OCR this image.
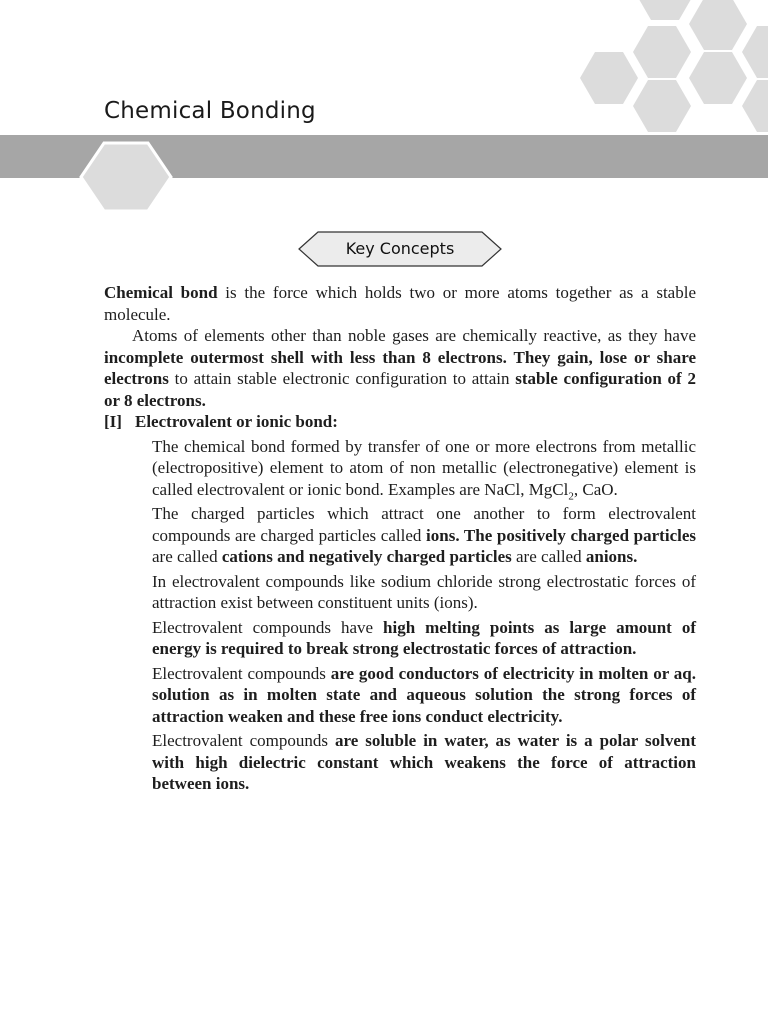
Chemical Bonding
Key Concepts

Chemical bond is the force which holds two or more atoms together as a stable molecule.

Atoms of elements other than noble gases are chemically reactive, as they have incomplete outermost shell with less than 8 electrons. They gain, lose or share electrons to attain stable electronic configuration to attain stable configuration of 2 or 8 electrons.

[I] Electrovalent or ionic bond:

The chemical bond formed by transfer of one or more electrons from metallic (electropositive) element to atom of non metallic (electronegative) element is called electrovalent or ionic bond. Examples are NaCl, MgCl$_2$, CaO.

The charged particles which attract one another to form electrovalent compounds are charged particles called ions. The positively charged particles are called cations and negatively charged particles are called anions.

In electrovalent compounds like sodium chloride strong electrostatic forces of attraction exist between constituent units (ions).

Electrovalent compounds have high melting points as large amount of energy is required to break strong electrostatic forces of attraction.

Electrovalent compounds are good conductors of electricity in molten or aq. solution as in molten state and aqueous solution the strong forces of attraction weaken and these free ions conduct electricity.

Electrovalent compounds are soluble in water, as water is a polar solvent with high dielectric constant which weakens the force of attraction between ions.
